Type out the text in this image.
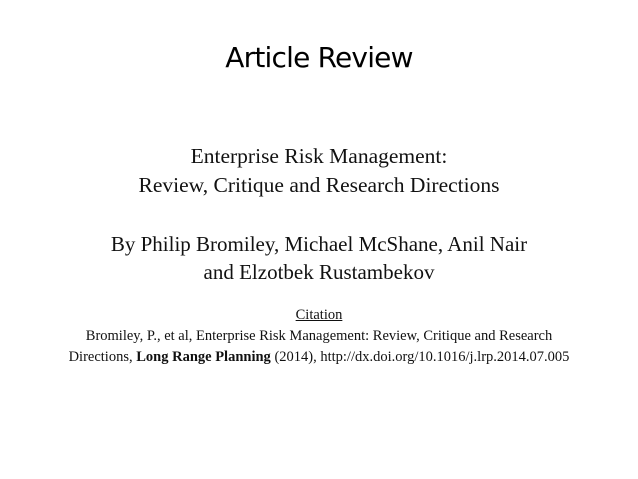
Article Review
Enterprise Risk Management:
Review, Critique and Research Directions
By Philip Bromiley, Michael McShane, Anil Nair
and Elzotbek Rustambekov
Citation
Bromiley, P., et al, Enterprise Risk Management: Review, Critique and Research
Directions, Long Range Planning (2014), http://dx.doi.org/10.1016/j.lrp.2014.07.005
